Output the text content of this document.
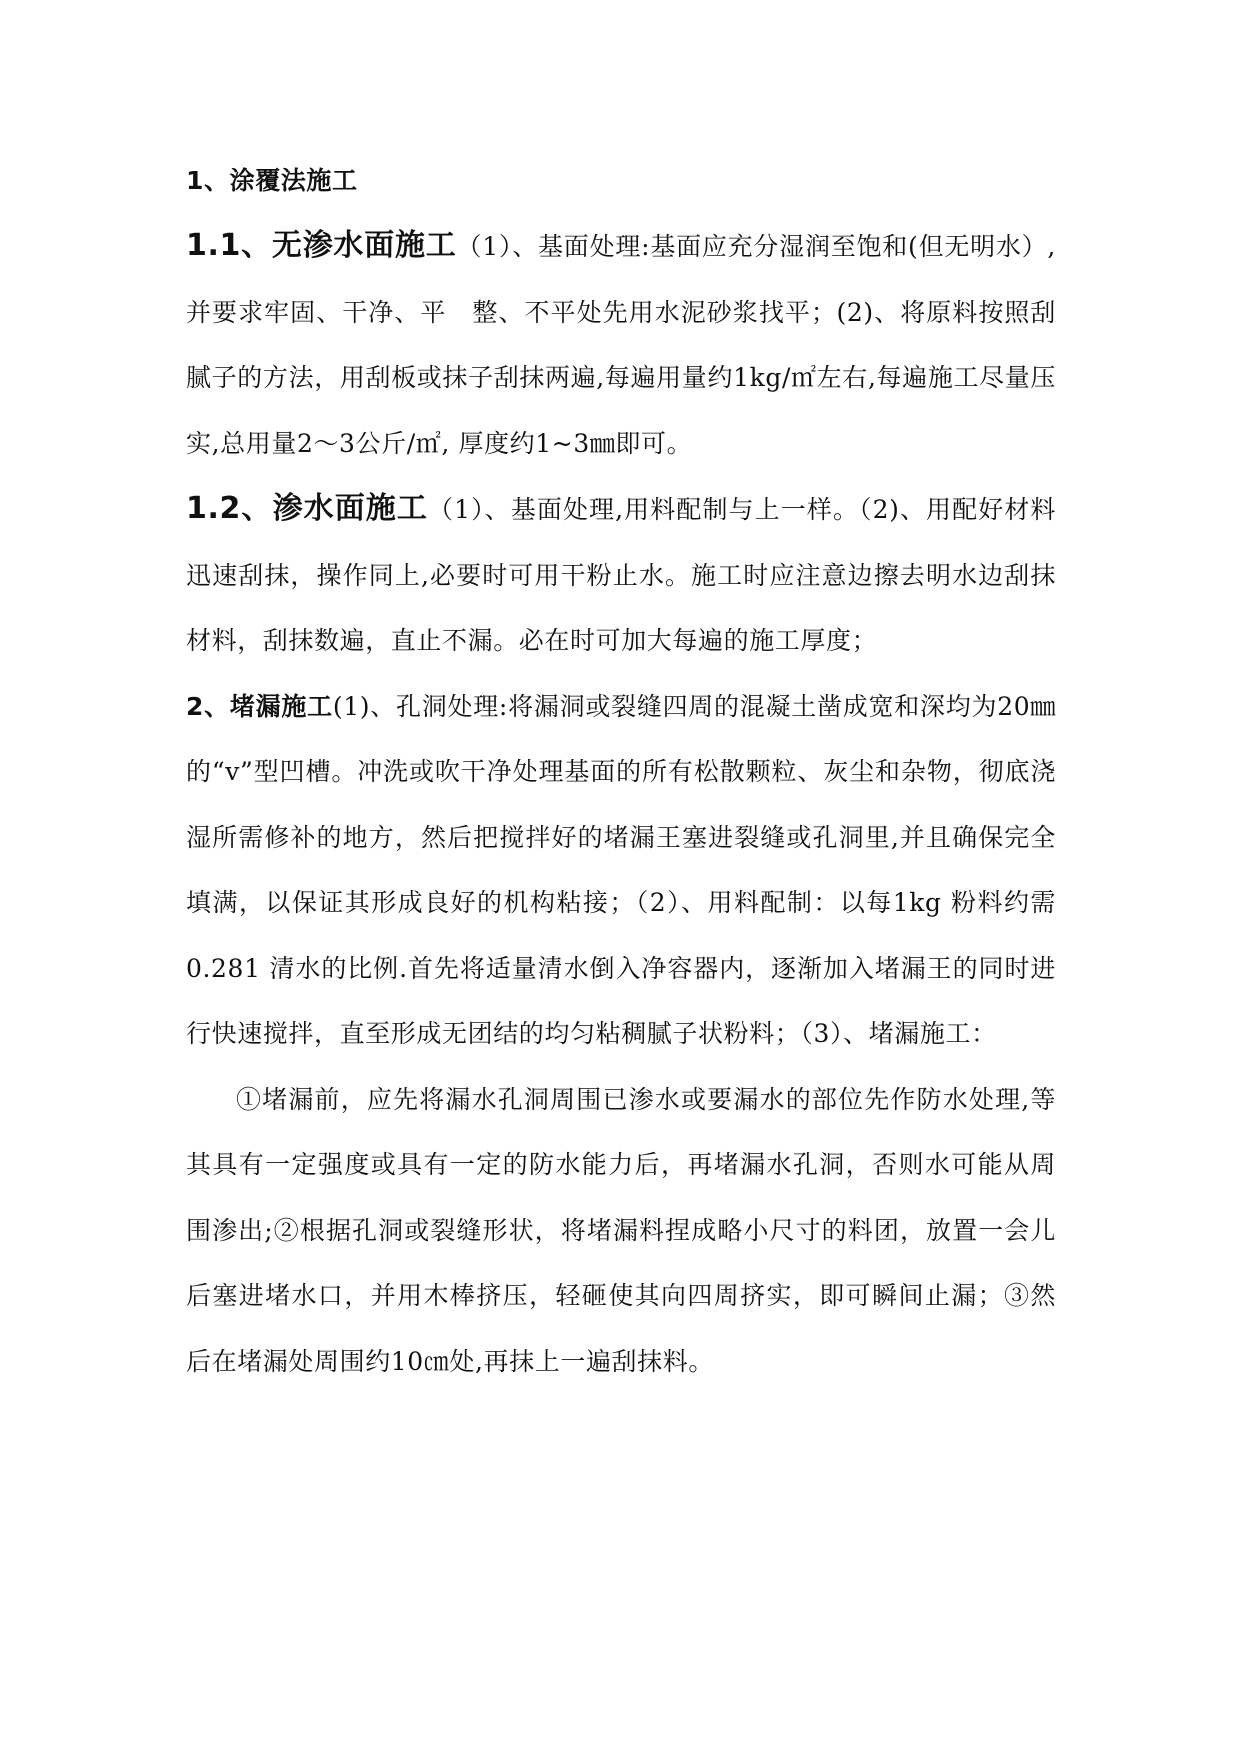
1、涂覆法施工

1.1、无渗水面施工（1）、基面处理:基面应充分湿润至饱和(但无明水）,并要求牢固、干净、平　整、不平处先用水泥砂浆找平；(2)、将原料按照刮腻子的方法，用刮板或抹子刮抹两遍,每遍用量约1kg/㎡左右,每遍施工尽量压实,总用量2～3公斤/㎡, 厚度约1~3㎜即可。

1.2、渗水面施工（1）、基面处理,用料配制与上一样。（2)、用配好材料迅速刮抹，操作同上,必要时可用干粉止水。施工时应注意边擦去明水边刮抹材料，刮抹数遍，直止不漏。必在时可加大每遍的施工厚度；

2、堵漏施工(1)、孔洞处理:将漏洞或裂缝四周的混凝土凿成宽和深均为20㎜的“v”型凹槽。冲洗或吹干净处理基面的所有松散颗粒、灰尘和杂物，彻底浇湿所需修补的地方，然后把搅拌好的堵漏王塞进裂缝或孔洞里,并且确保完全填满，以保证其形成良好的机构粘接；（2）、用料配制：以每1kg 粉料约需0.281 清水的比例.首先将适量清水倒入净容器内，逐渐加入堵漏王的同时进行快速搅拌，直至形成无团结的均匀粘稠腻子状粉料；（3）、堵漏施工：

①堵漏前，应先将漏水孔洞周围已渗水或要漏水的部位先作防水处理,等其具有一定强度或具有一定的防水能力后，再堵漏水孔洞，否则水可能从周围渗出;②根据孔洞或裂缝形状，将堵漏料捏成略小尺寸的料团，放置一会儿后塞进堵水口，并用木棒挤压，轻砸使其向四周挤实，即可瞬间止漏；③然后在堵漏处周围约10㎝处,再抹上一遍刮抹料。
